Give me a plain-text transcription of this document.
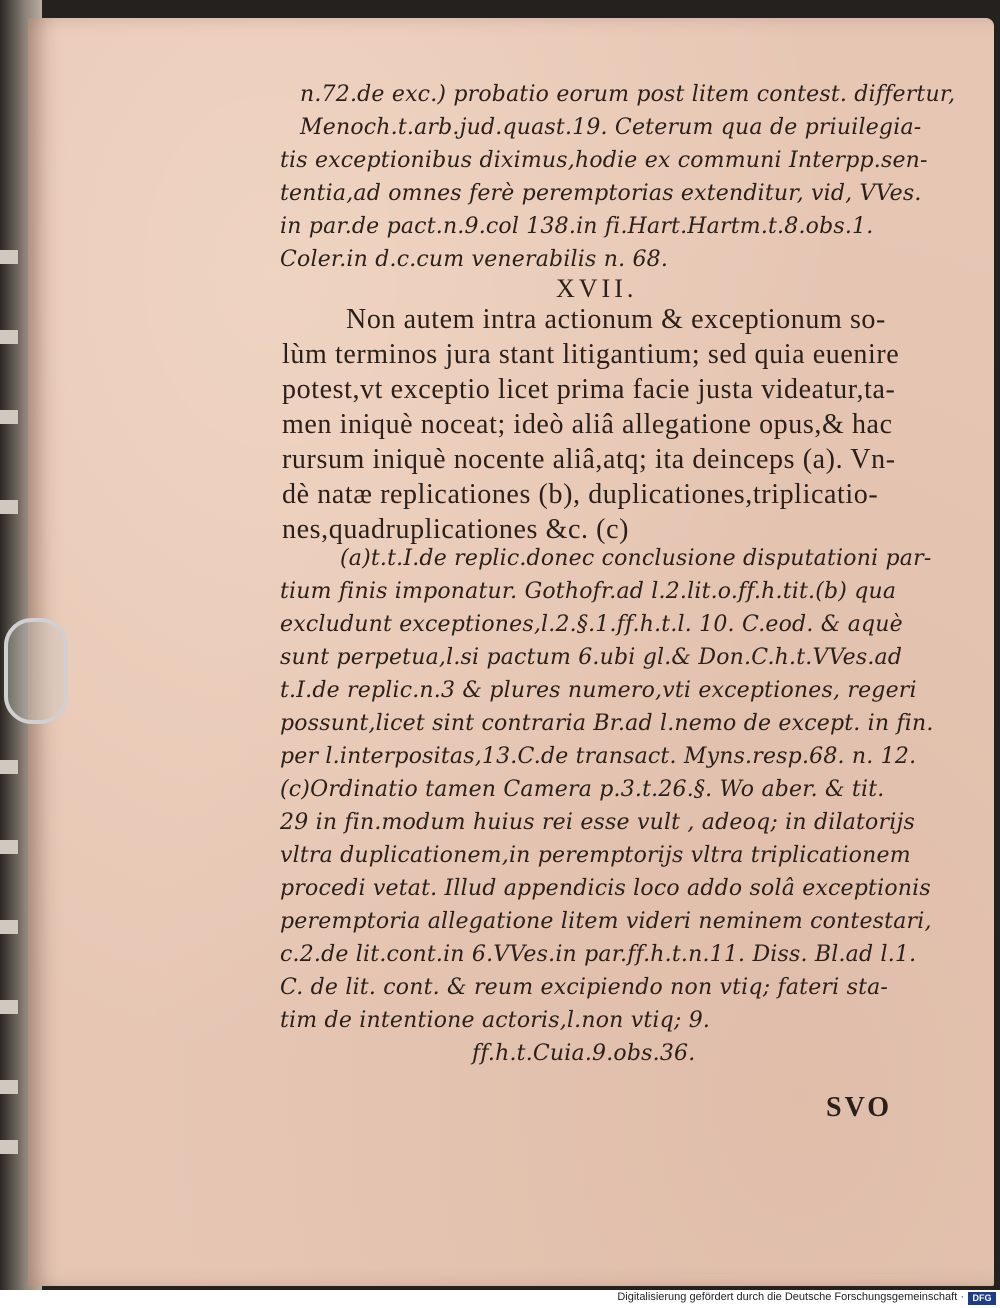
n.72.de exc.) probatio eorum post litem contest. differtur,

Menoch.t.arb.jud.quast.19. Ceterum qua de priuilegia-

tis exceptionibus diximus,hodie ex communi Interpp.sen-

tentia,ad omnes ferè peremptorias extenditur, vid, VVes.

in par.de pact.n.9.col 138.in fi.Hart.Hartm.t.8.obs.1.

Coler.in d.c.cum venerabilis n. 68.

XVII.

Non autem intra actionum & exceptionum so-

lùm terminos jura stant litigantium; sed quia euenire

potest,vt exceptio licet prima facie justa videatur,ta-

men iniquè noceat; ideò aliâ allegatione opus,& hac

rursum iniquè nocente aliâ,atq; ita deinceps (a). Vn-

dè natæ replicationes (b), duplicationes,triplicatio-

nes,quadruplicationes &c. (c)

(a)t.t.I.de replic.donec conclusione disputationi par-

tium finis imponatur. Gothofr.ad l.2.lit.o.ff.h.tit.(b) qua

excludunt exceptiones,l.2.§.1.ff.h.t.l. 10. C.eod. & aquè

sunt perpetua,l.si pactum 6.ubi gl.& Don.C.h.t.VVes.ad

t.I.de replic.n.3 & plures numero,vti exceptiones, regeri

possunt,licet sint contraria Br.ad l.nemo de except. in fin.

per l.interpositas,13.C.de transact. Myns.resp.68. n. 12.

(c)Ordinatio tamen Camera p.3.t.26.§. Wo aber. & tit.

29 in fin.modum huius rei esse vult , adeoq; in dilatorijs

vltra duplicationem,in peremptorijs vltra triplicationem

procedi vetat. Illud appendicis loco addo solâ exceptionis

peremptoria allegatione litem videri neminem contestari,

c.2.de lit.cont.in 6.VVes.in par.ff.h.t.n.11. Diss. Bl.ad l.1.

C. de lit. cont. & reum excipiendo non vtiq; fateri sta-

tim de intentione actoris,l.non vtiq; 9.

ff.h.t.Cuia.9.obs.36.

SVO

Digitalisierung gefördert durch die Deutsche Forschungsgemeinschaft · DFG
